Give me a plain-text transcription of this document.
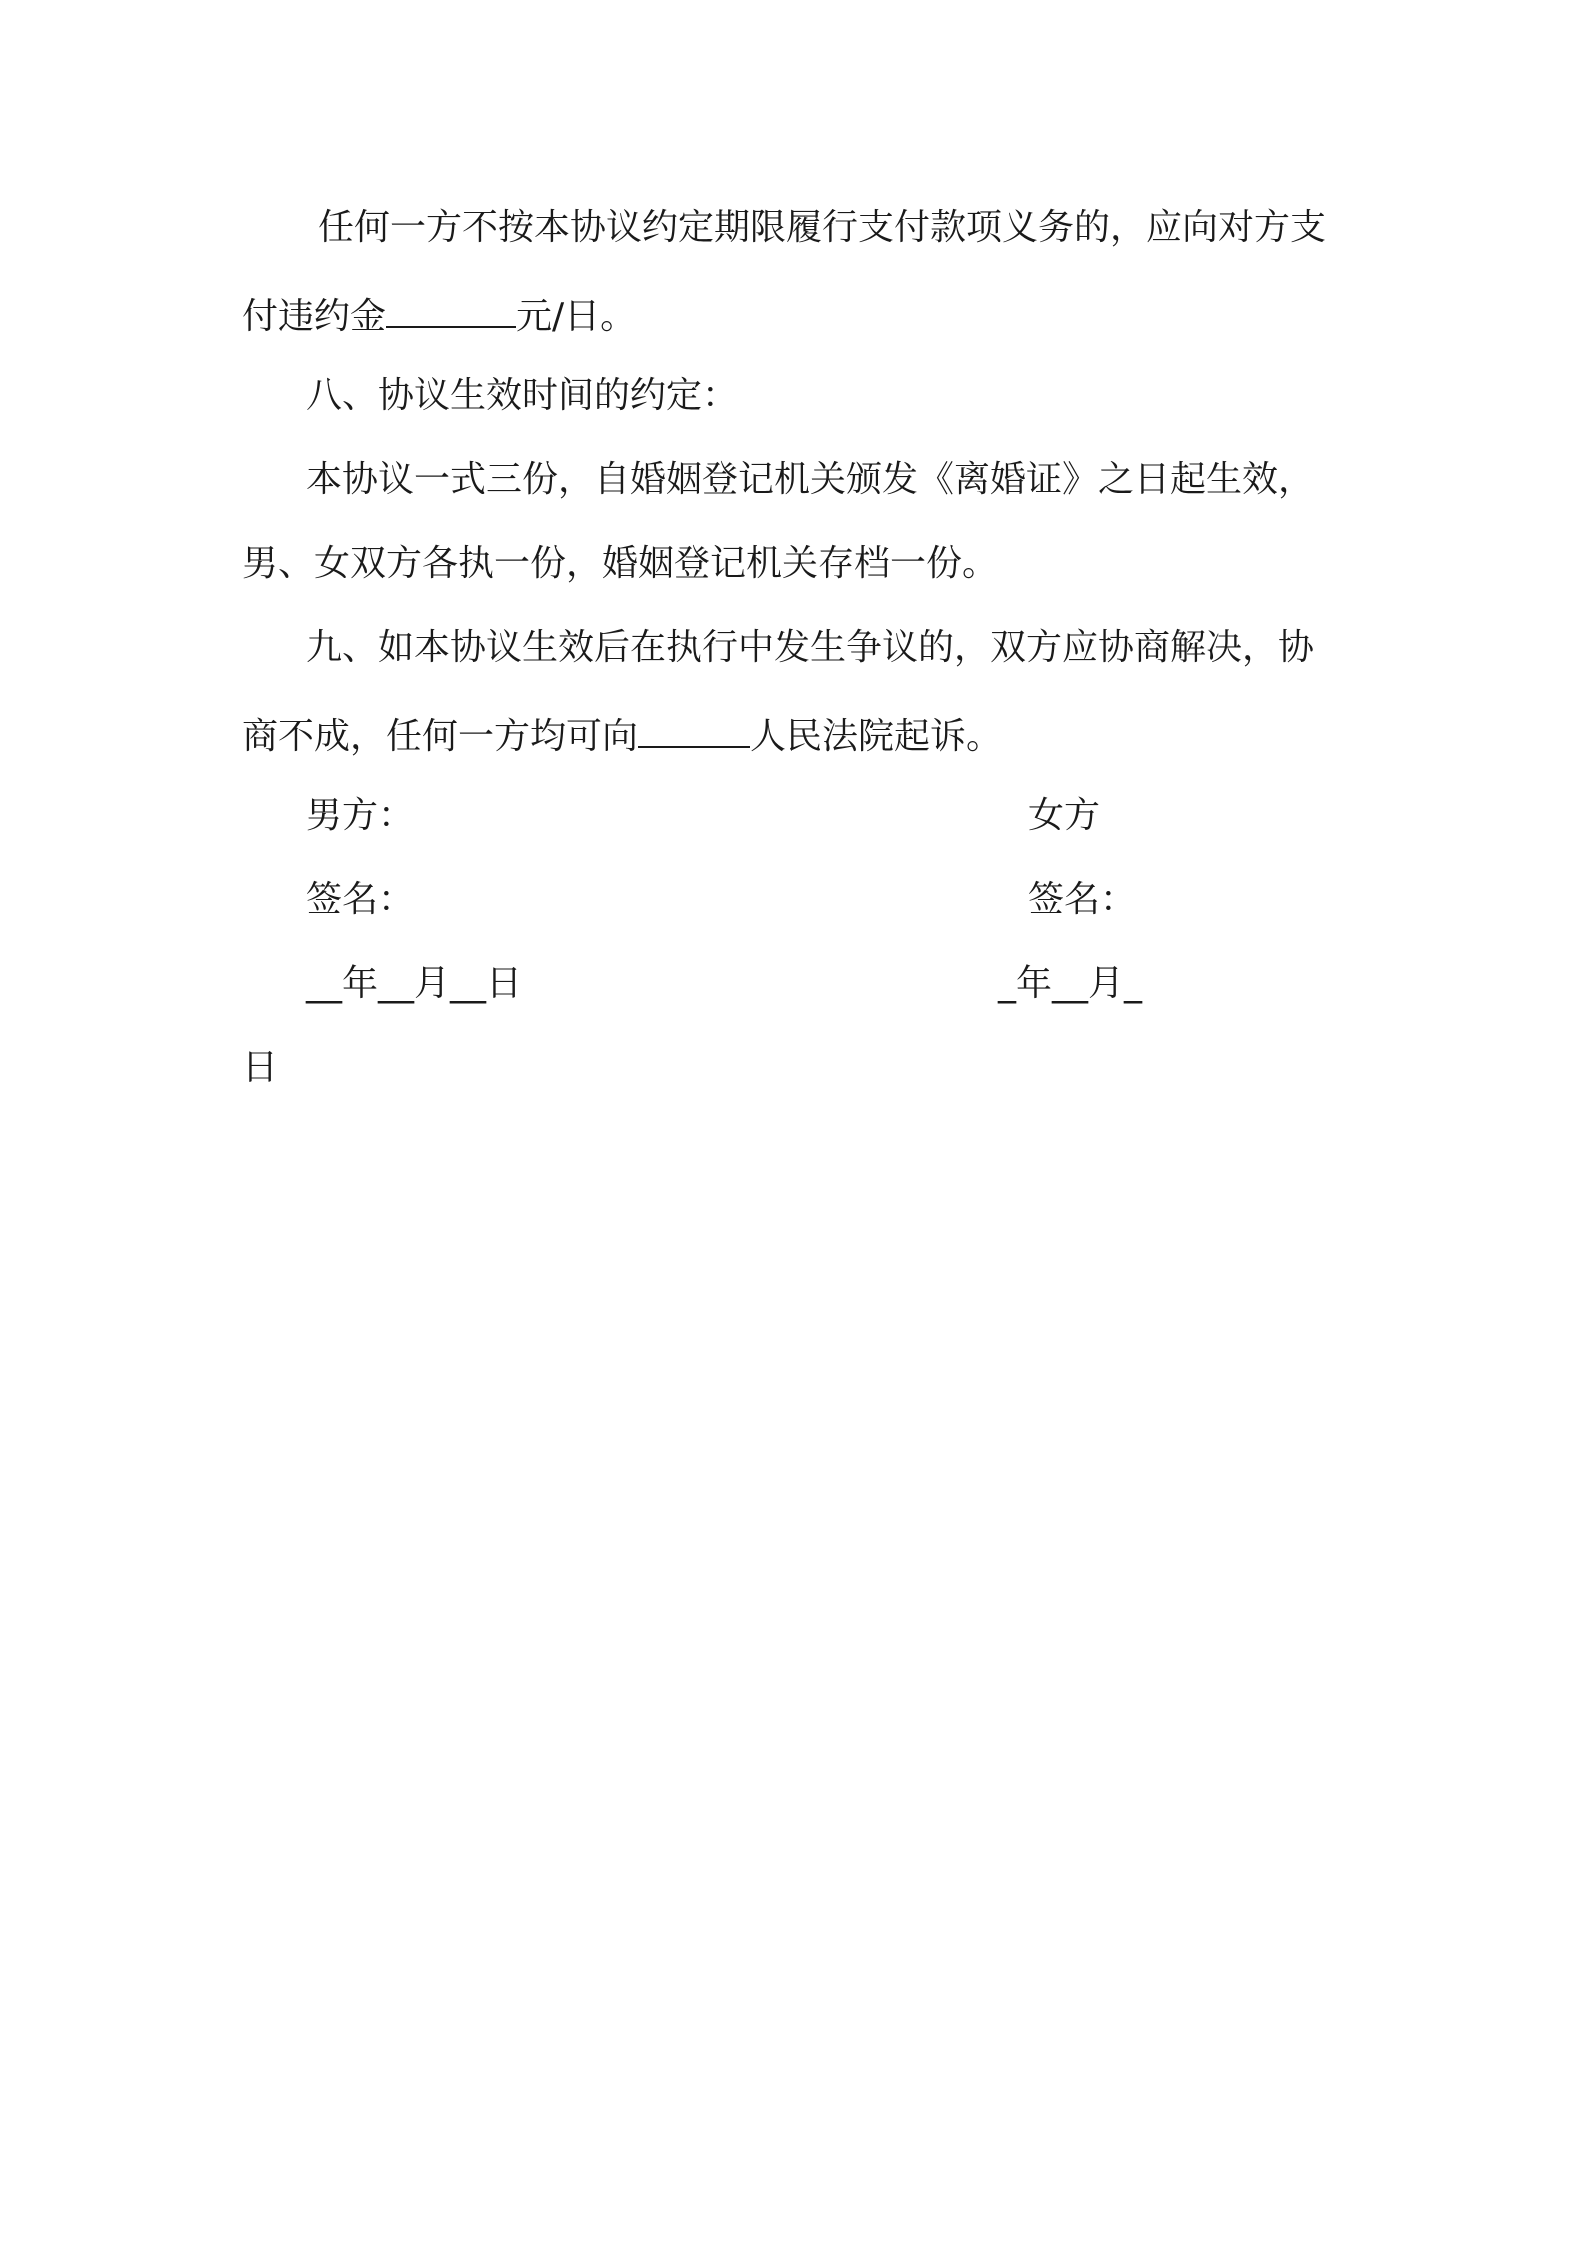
任何一方不按本协议约定期限履行支付款项义务的，应向对方支
付违约金	元/日。
八、协议生效时间的约定：
本协议一式三份，自婚姻登记机关颁发《离婚证》之日起生效，
男、女双方各执一份，婚姻登记机关存档一份。
九、如本协议生效后在执行中发生争议的，双方应协商解决，协
商不成，任何一方均可向	人民法院起诉。
男方：	女方
签名：	签名：
__年__月__日	_年__月_
日
